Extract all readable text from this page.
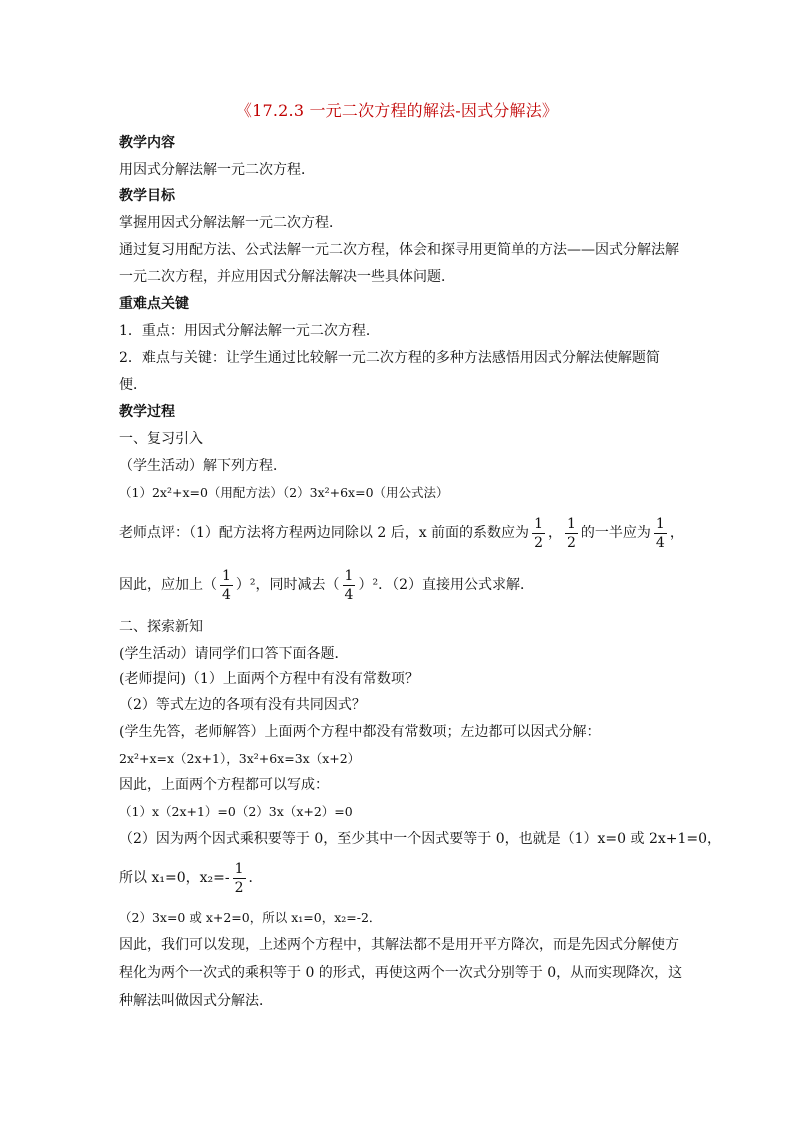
《17.2.3 一元二次方程的解法-因式分解法》
教学内容
用因式分解法解一元二次方程．
教学目标
掌握用因式分解法解一元二次方程．
通过复习用配方法、公式法解一元二次方程，体会和探寻用更简单的方法——因式分解法解
一元二次方程，并应用因式分解法解决一些具体问题．
重难点关键
1．重点：用因式分解法解一元二次方程．
2．难点与关键：让学生通过比较解一元二次方程的多种方法感悟用因式分解法使解题简
便．
教学过程
一、复习引入
（学生活动）解下列方程．
（1）2x²+x=0（用配方法）（2）3x²+6x=0（用公式法）
老师点评：（1）配方法将方程两边同除以 2 后，x 前面的系数应为 $\frac{1}{2}$ ， $\frac{1}{2}$ 的一半应为 $\frac{1}{4}$ ，
因此，应加上（ $\frac{1}{4} )^2$，同时减去（ $\frac{1}{4} )^2$．（2）直接用公式求解．
二、探索新知
(学生活动）请同学们口答下面各题．
(老师提问)（1）上面两个方程中有没有常数项？
（2）等式左边的各项有没有共同因式？
(学生先答，老师解答）上面两个方程中都没有常数项；左边都可以因式分解：
2x²+x=x（2x+1），3x²+6x=3x（x+2）
因此，上面两个方程都可以写成：
（1）x（2x+1）=0（2）3x（x+2）=0
（2）因为两个因式乘积要等于 0，至少其中一个因式要等于 0，也就是（1）x=0 或 2x+1=0，
所以 x₁=0，$x_2=- \frac{1}{2}$ ．
（2）3x=0 或 x+2=0，所以 x₁=0，x₂=-2．
因此，我们可以发现，上述两个方程中，其解法都不是用开平方降次，而是先因式分解使方
程化为两个一次式的乘积等于 0 的形式，再使这两个一次式分别等于 0，从而实现降次，这
种解法叫做因式分解法．
